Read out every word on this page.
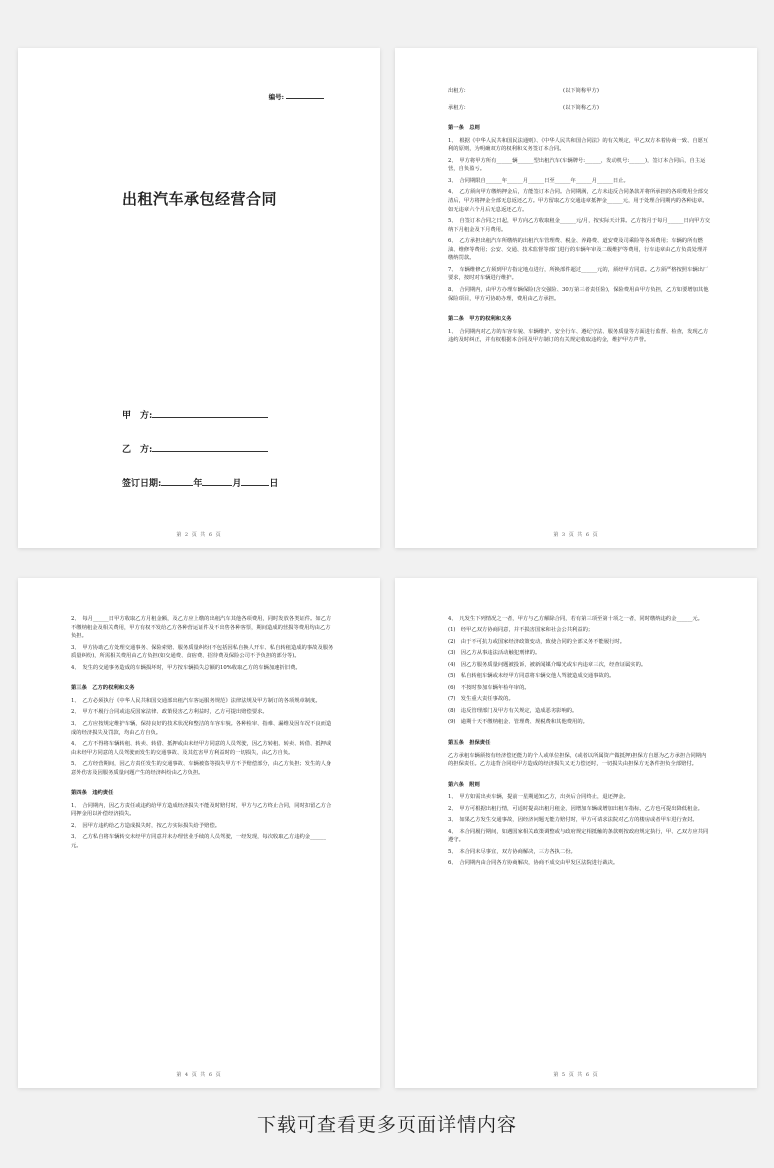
编号:
出租汽车承包经营合同
甲　方:
乙　方:
签订日期:	年	月	日
第 2 页 共 6 页
出租方:	(以下简称甲方)
承租方:	(以下简称乙方)

第一条　总则

1、　根据《中华人民共和国民法通则》、《中华人民共和国合同法》的有关规定，甲乙双方本着协商一致、自愿互利的原则，为明确双方的权利和义务签订本合同。

2、　甲方将甲方所有______辆______型出租汽车(车辆牌号:______，发动机号:______)，签订本合同后，自主运营，自负盈亏。

3、　合同期限自______年______月______日至______年______月______日止。

4、　乙方须向甲方缴纳押金后，方能签订本合同。合同期满，乙方未违反合同条款并将所承担的各项费用全部交清后，甲方将押金全部无息返还乙方。甲方留取乙方交通违章抵押金______元，用于处理合同期内的各种违章。如无违章六个月后无息返还乙方。

5、　自签订本合同之日起，甲方向乙方收取租金______元/月，按实际天计算。乙方按月于每月______日向甲方交纳下月租金及下月费用。

6、　乙方承担出租汽车所缴纳的出租汽车管理费、税金、养路费、道安费及司乘险等各项费用；车辆的所有燃油、维修等费用；公安、交通、技术监督等部门进行的车辆年审及二级维护等费用，行车违章由乙方负责处理并缴纳罚款。

7、　车辆维修乙方须到甲方指定地点进行，所换部件超过______元的，须经甲方同意。乙方须严格按照车辆出厂要求，按时对车辆进行维护。

8、　合同期内，由甲方办理车辆保险(含交强险、30万第三者责任险)，保险费用由甲方负担，乙方如要增加其他保险项目，甲方可协助办理，费用由乙方承担。

第二条　甲方的权利和义务

1、　合同期内对乙方的车容车貌、车辆维护、安全行车、遵纪守法、服务质量等方面进行监督、检查，发现乙方违约及时纠正，并有权根据本合同及甲方制订的有关规定收取违约金，维护甲方声誉。

第 3 页 共 6 页

2、　每月______日甲方收取乙方月租金额，及乙方应上缴的出租汽车其他各项费用，同时发放各类证件。如乙方不缴纳租金及相关费用，甲方有权不发给乙方各种营运证件及不出售各种客票，期间造成的营损等费用均由乙方负担。

3、　甲方协助乙方处理交通事务、保险索赔、服务质量纠纷(不包括因私自换人开车、私自转租造成的事故及服务质量纠纷)，所需相关费用由乙方负担(如交通费、食宿费、招待费及保险公司不予负担的部分等)。

4、　发生的交通事务造成的车辆损坏时，甲方按车辆损失总额的10%收取乙方的车辆加速折旧费。

第三条　乙方的权利和义务

1、　乙方必须执行《中华人民共和国交通部出租汽车客运服务规范》法律法规及甲方制订的各项规章制度。

2、　甲方不履行合同或违反国家法律、政策侵害乙方利益时，乙方可提出赔偿要求。

3、　乙方应按规定维护车辆，保持良好的技术状况和整洁的车容车貌。各种检审、指难、漏维及因车况不良而造成的经济损失及罚款，均由乙方自负。

4、　乙方不得将车辆转租、转卖、转借、抵押或由未经甲方同意的人员驾驶，因乙方转租、转卖、转借、抵押或由未经甲方同意的人员驾驶而发生的交通事故、及其危害甲方利益时的一切损失，由乙方自负。

5、　乙方经营期间，因乙方责任发生的交通事故、车辆被盗等损失甲方不予赔偿部分，由乙方负担；发生的人身意外伤害及因服务质量问题产生的经济纠纷由乙方负担。

第四条　违约责任

1、　合同期内，因乙方责任或违约给甲方造成经济损失不能及时赔付时，甲方与乙方终止合同，同时扣留乙方合同押金用以补偿经济损失。

2、　因甲方违约给乙方造成损失时，按乙方实际损失给予赔偿。

3、　乙方私自将车辆转交未经甲方同意并未办理营业手续的人员驾驶，一经发现，每次收取乙方违约金______元。

第 4 页 共 6 页

4、　凡发生下列情况之一者，甲方与乙方解除合同，若有第三项至第十项之一者，同时缴纳违约金______元。

(1)　经甲乙双方协商同意，并不损害国家和社会公共利益的；

(2)　由于不可抗力或国家经济政策变动，致使合同的全部义务不能履行时。

(3)　因乙方从事违法活动触犯刑律的。

(4)　因乙方服务质量问题被投诉，被新闻媒介曝光或车内违章三次，经查证属实的。

(5)　私自转租车辆或未经甲方同意将车辆交他人驾驶造成交通事故的。

(6)　不按时参加车辆年检年审的。

(7)　发生重大责任事故的。

(8)　违反管理部门及甲方有关规定，造成恶劣影响的。

(9)　逾期十天不缴纳租金、管理费、规税费和其他费用的。

第五条　担保责任

乙方承租车辆须按有经济偿还能力的个人或单位担保，(或者以所属资产做抵押)担保方自愿为乙方承担合同期内的担保责任。乙方违背合同给甲方造成的经济损失又无力偿还时，一切损失由担保方无条件担负全部赔付。

第六条　附则

1、　甲方如需出卖车辆，提前一星期通知乙方，出卖后合同终止，退还押金。

2、　甲方可根据出租行情，可适时提高出租月租金，因增加车辆或增加出租车指标，乙方也可提出降低租金。

3、　如果乙方发生交通事故，因经济问题无能力赔付时，甲方可请求法院对乙方的楼房或者甲车进行查封。

4、　本合同履行期间，如遇国家相关政策调整或与政府规定相抵触的条款则按政府规定执行，甲、乙双方应共同遵守。

5、　本合同未尽事宜，双方协商解决，三方各执二份。

6、　合同期内由合同各方协商解决，协商不成交由甲发区法院进行裁决。

第 5 页 共 6 页
下载可查看更多页面详情内容
